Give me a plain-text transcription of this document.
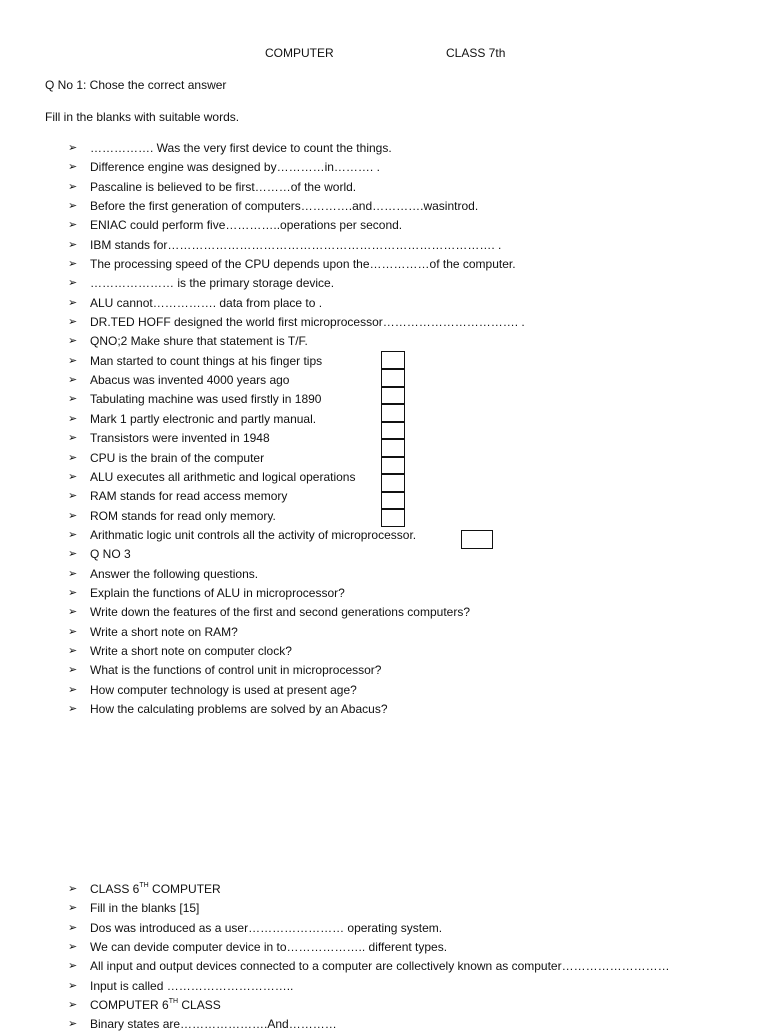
COMPUTER	CLASS 7th
Q No 1: Chose the correct answer
Fill in the blanks with suitable words.
➢ ……………. Was the very first device to count the things.
➢ Difference engine was designed by…………in………. .
➢ Pascaline is believed to be first………of the world.
➢ Before the first generation of computers………….and………….wasintrod.
➢ ENIAC could perform five…………..operations per second.
➢ IBM stands for………………………………………………………………………. .
➢ The processing speed of the CPU depends upon the……………of the computer.
➢ ………………… is the primary storage device.
➢ ALU cannot……………. data from place to .
➢ DR.TED HOFF designed the world first microprocessor……………………………. .
➢ QNO;2 Make shure that statement is T/F.
➢ Man started to count things at his finger tips
➢ Abacus was invented 4000 years ago
➢ Tabulating machine was used firstly in 1890
➢ Mark 1 partly electronic and partly manual.
➢ Transistors were invented in 1948
➢ CPU is the brain of the computer
➢ ALU executes all arithmetic and logical operations
➢ RAM stands for read access memory
➢ ROM stands for read only memory.
➢ Arithmatic logic unit controls all the activity of microprocessor.
➢ Q NO 3
➢ Answer the following questions.
➢ Explain the functions of ALU in microprocessor?
➢ Write down the features of the first and second generations computers?
➢ Write a short note on RAM?
➢ Write a short note on computer clock?
➢ What is the functions of control unit in microprocessor?
➢ How computer technology is used at present age?
➢ How the calculating problems are solved by an Abacus?
➢ CLASS 6TH COMPUTER
➢ Fill in the blanks [15]
➢ Dos was introduced as a user…………………… operating system.
➢ We can devide computer device in to……………….. different types.
➢ All input and output devices connected to a computer are collectively known as computer………………………
➢ Input is called …………………………..
➢ COMPUTER 6TH CLASS
➢ Binary states are………………….And…………
